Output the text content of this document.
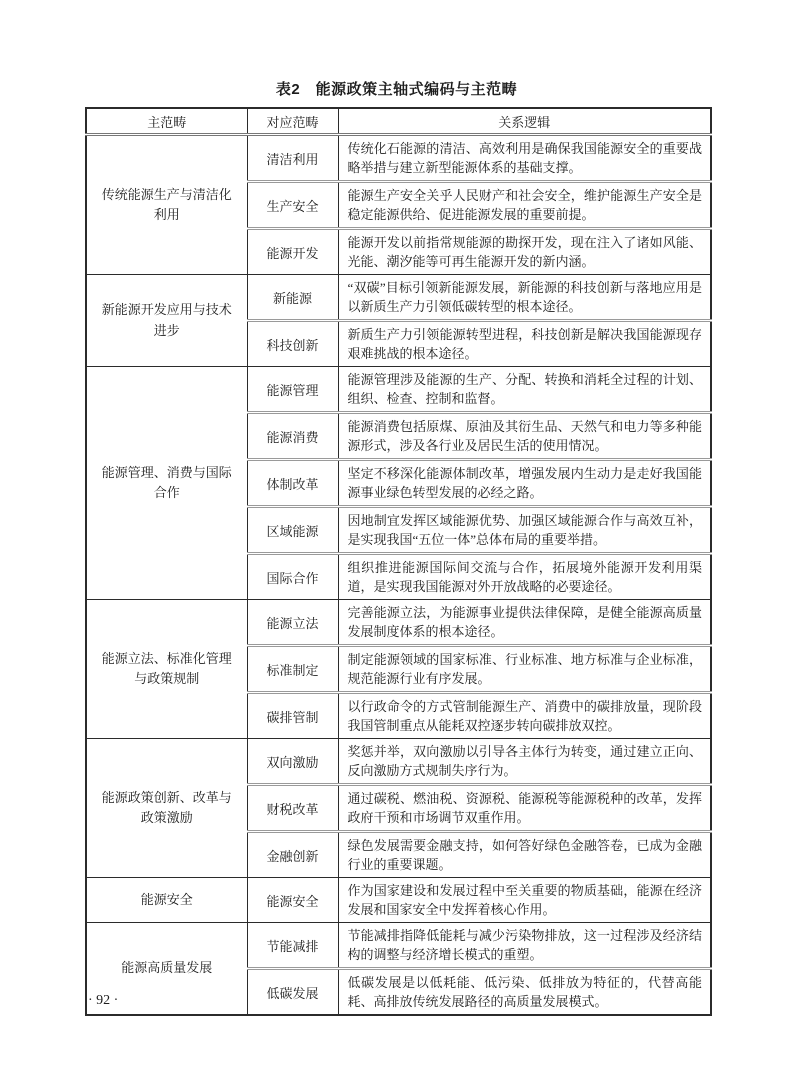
表2　能源政策主轴式编码与主范畴
主范畴	对应范畴	关系逻辑
传统能源生产与清洁化利用	清洁利用	传统化石能源的清洁、高效利用是确保我国能源安全的重要战略举措与建立新型能源体系的基础支撑。
	生产安全	能源生产安全关乎人民财产和社会安全，维护能源生产安全是稳定能源供给、促进能源发展的重要前提。
	能源开发	能源开发以前指常规能源的勘探开发，现在注入了诸如风能、光能、潮汐能等可再生能源开发的新内涵。
新能源开发应用与技术进步	新能源	“双碳”目标引领新能源发展，新能源的科技创新与落地应用是以新质生产力引领低碳转型的根本途径。
	科技创新	新质生产力引领能源转型进程，科技创新是解决我国能源现存艰难挑战的根本途径。
能源管理、消费与国际合作	能源管理	能源管理涉及能源的生产、分配、转换和消耗全过程的计划、组织、检查、控制和监督。
	能源消费	能源消费包括原煤、原油及其衍生品、天然气和电力等多种能源形式，涉及各行业及居民生活的使用情况。
	体制改革	坚定不移深化能源体制改革，增强发展内生动力是走好我国能源事业绿色转型发展的必经之路。
	区域能源	因地制宜发挥区域能源优势、加强区域能源合作与高效互补，是实现我国“五位一体”总体布局的重要举措。
	国际合作	组织推进能源国际间交流与合作，拓展境外能源开发利用渠道，是实现我国能源对外开放战略的必要途径。
能源立法、标准化管理与政策规制	能源立法	完善能源立法，为能源事业提供法律保障，是健全能源高质量发展制度体系的根本途径。
	标准制定	制定能源领域的国家标准、行业标准、地方标准与企业标准，规范能源行业有序发展。
	碳排管制	以行政命令的方式管制能源生产、消费中的碳排放量，现阶段我国管制重点从能耗双控逐步转向碳排放双控。
能源政策创新、改革与政策激励	双向激励	奖惩并举，双向激励以引导各主体行为转变，通过建立正向、反向激励方式规制失序行为。
	财税改革	通过碳税、燃油税、资源税、能源税等能源税种的改革，发挥政府干预和市场调节双重作用。
	金融创新	绿色发展需要金融支持，如何答好绿色金融答卷，已成为金融行业的重要课题。
能源安全	能源安全	作为国家建设和发展过程中至关重要的物质基础，能源在经济发展和国家安全中发挥着核心作用。
能源高质量发展	节能减排	节能减排指降低能耗与减少污染物排放，这一过程涉及经济结构的调整与经济增长模式的重塑。
	低碳发展	低碳发展是以低耗能、低污染、低排放为特征的，代替高能耗、高排放传统发展路径的高质量发展模式。
· 92 ·
